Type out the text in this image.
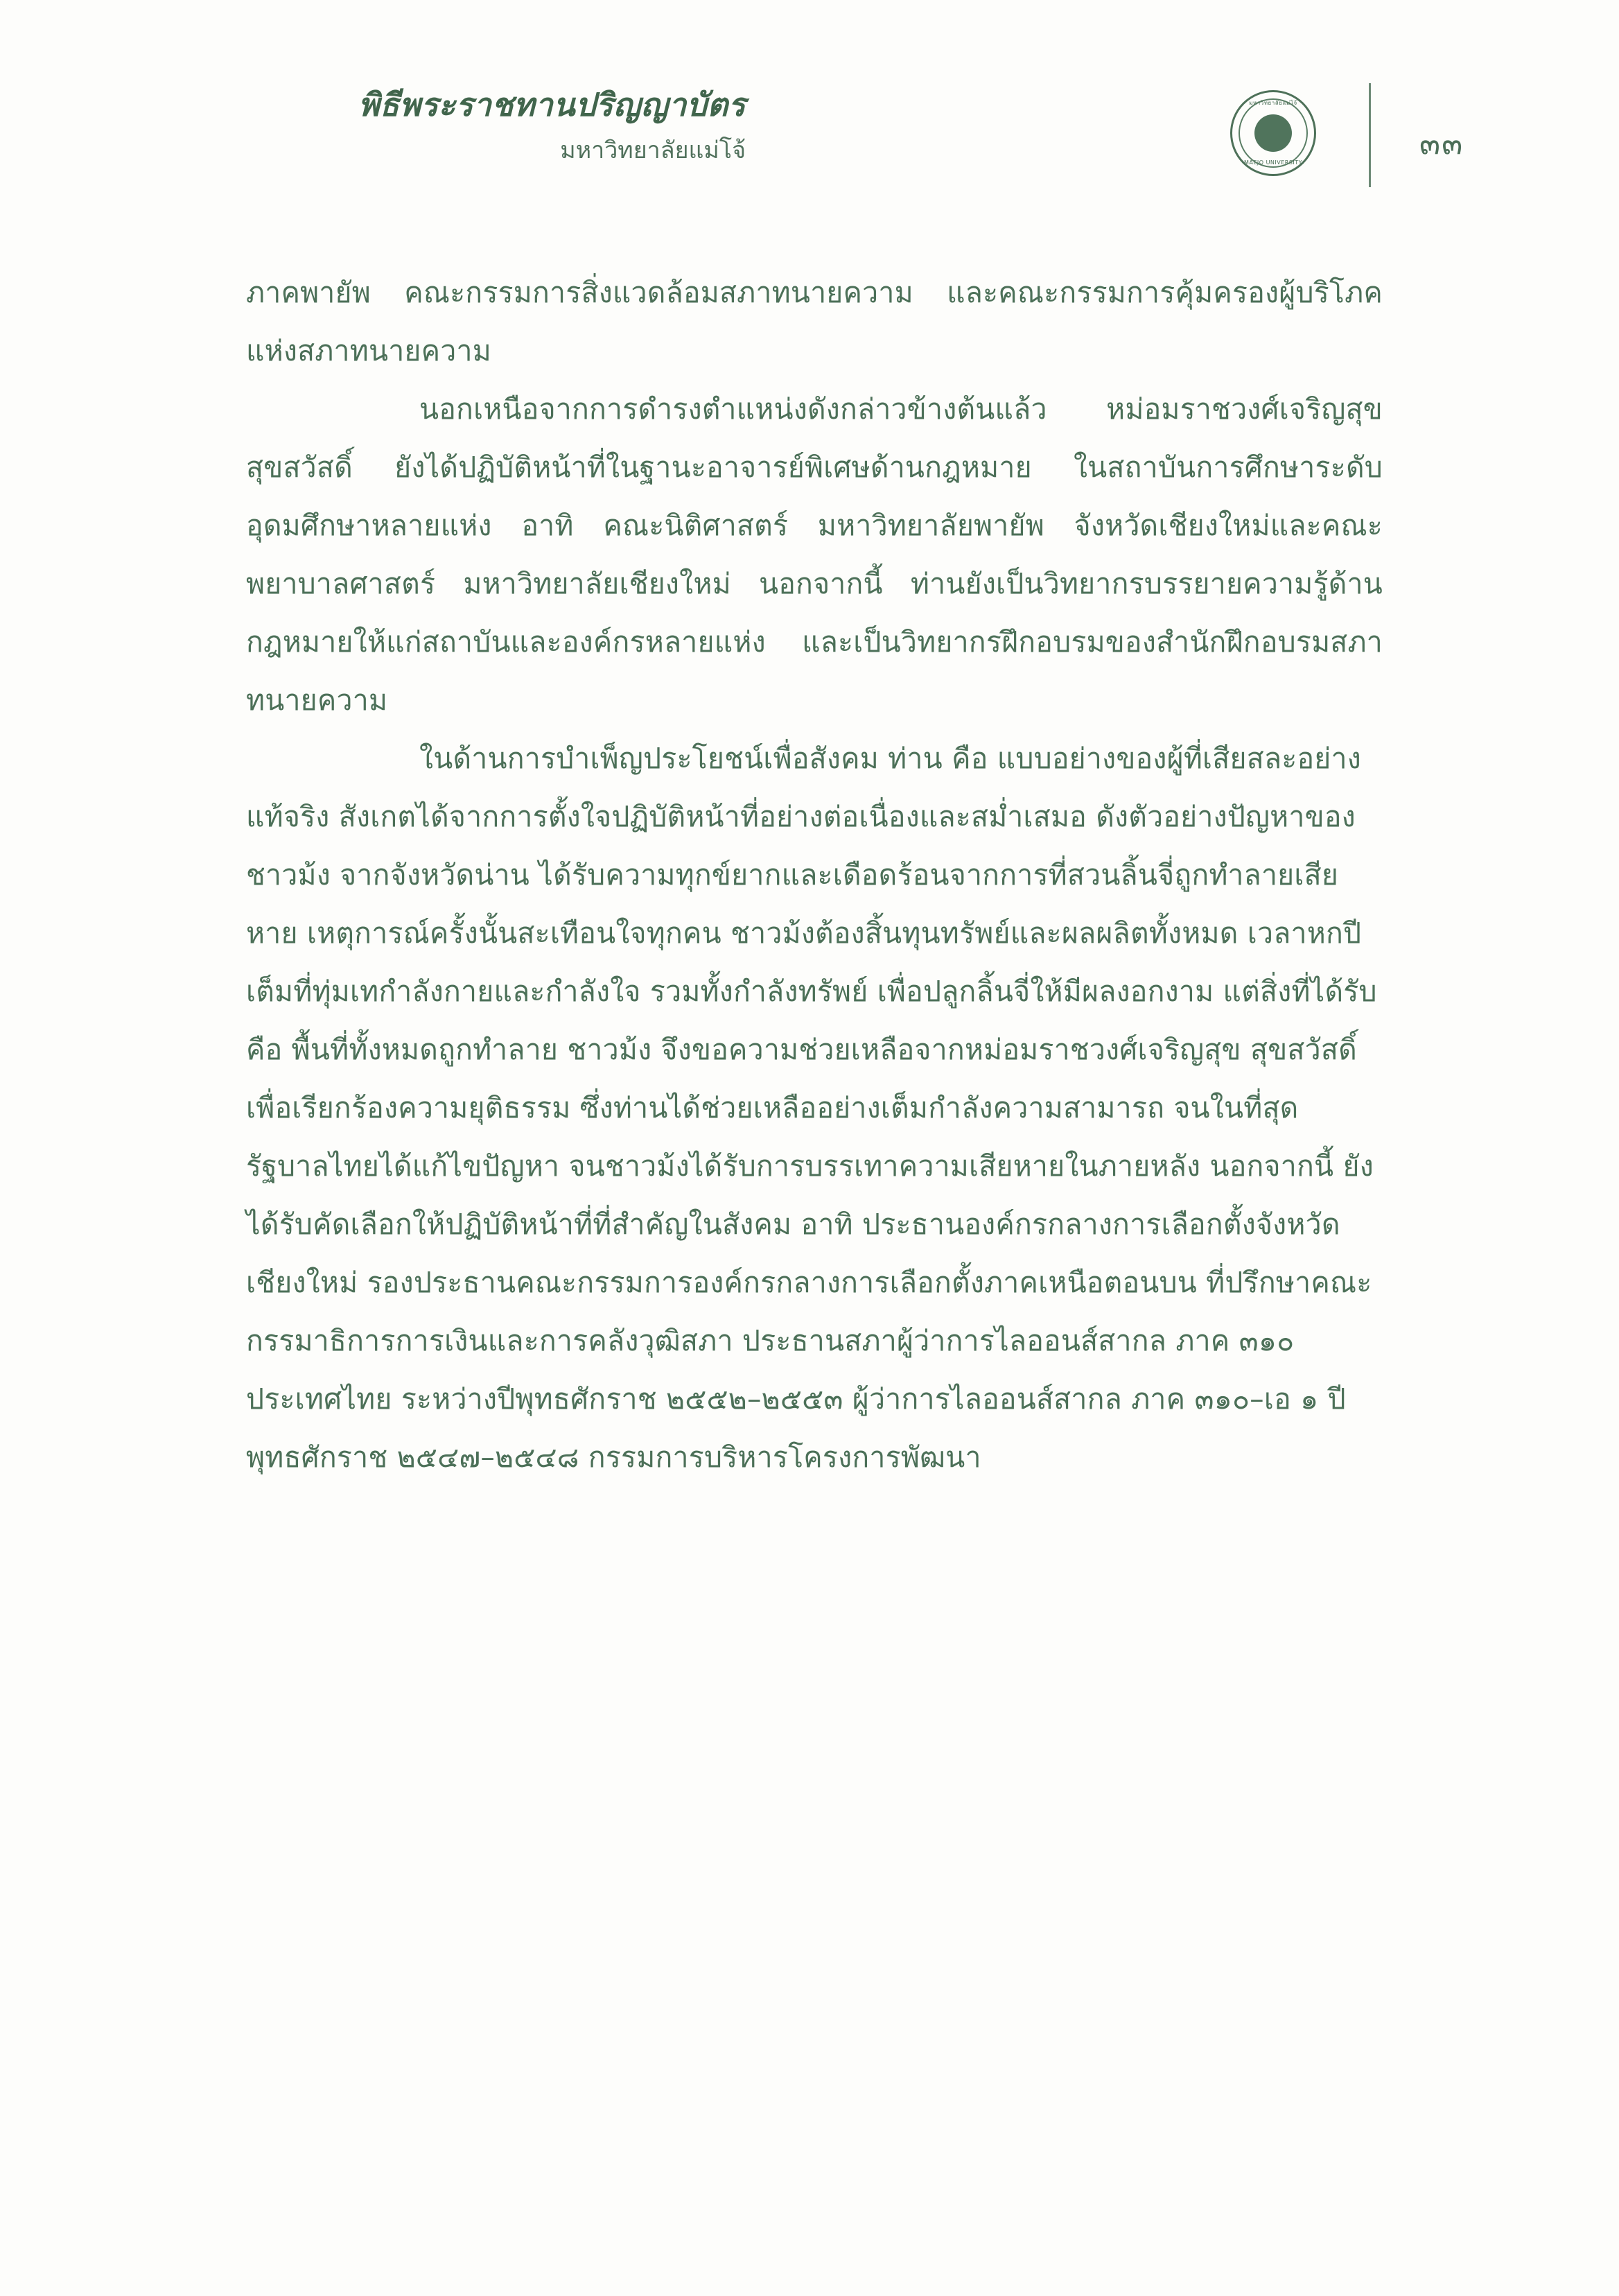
พิธีพระราชทานปริญญาบัตร
มหาวิทยาลัยแม่โจ้
มหาวิทยาลัยแม่โจ้
MAEJO UNIVERSITY
๓๓

ภาคพายัพ คณะกรรมการสิ่งแวดล้อมสภาทนายความ และคณะกรรมการคุ้มครองผู้บริโภคแห่งสภาทนายความ

นอกเหนือจากการดำรงตำแหน่งดังกล่าวข้างต้นแล้ว หม่อมราชวงศ์เจริญสุข สุขสวัสดิ์ ยังได้ปฏิบัติหน้าที่ในฐานะอาจารย์พิเศษด้านกฎหมาย ในสถาบันการศึกษาระดับอุดมศึกษาหลายแห่ง อาทิ คณะนิติศาสตร์ มหาวิทยาลัยพายัพ จังหวัดเชียงใหม่และคณะพยาบาลศาสตร์ มหาวิทยาลัยเชียงใหม่ นอกจากนี้ ท่านยังเป็นวิทยากรบรรยายความรู้ด้านกฎหมายให้แก่สถาบันและองค์กรหลายแห่ง และเป็นวิทยากรฝึกอบรมของสำนักฝึกอบรมสภาทนายความ

ในด้านการบำเพ็ญประโยชน์เพื่อสังคม ท่าน คือ แบบอย่างของผู้ที่เสียสละอย่างแท้จริง สังเกตได้จากการตั้งใจปฏิบัติหน้าที่อย่างต่อเนื่องและสม่ำเสมอ ดังตัวอย่างปัญหาของชาวม้ง จากจังหวัดน่าน ได้รับความทุกข์ยากและเดือดร้อนจากการที่สวนลิ้นจี่ถูกทำลายเสียหาย เหตุการณ์ครั้งนั้นสะเทือนใจทุกคน ชาวม้งต้องสิ้นทุนทรัพย์และผลผลิตทั้งหมด เวลาหกปีเต็มที่ทุ่มเทกำลังกายและกำลังใจ รวมทั้งกำลังทรัพย์ เพื่อปลูกลิ้นจี่ให้มีผลงอกงาม แต่สิ่งที่ได้รับ คือ พื้นที่ทั้งหมดถูกทำลาย ชาวม้ง จึงขอความช่วยเหลือจากหม่อมราชวงศ์เจริญสุข สุขสวัสดิ์ เพื่อเรียกร้องความยุติธรรม ซึ่งท่านได้ช่วยเหลืออย่างเต็มกำลังความสามารถ จนในที่สุด รัฐบาลไทยได้แก้ไขปัญหา จนชาวม้งได้รับการบรรเทาความเสียหายในภายหลัง นอกจากนี้ ยังได้รับคัดเลือกให้ปฏิบัติหน้าที่ที่สำคัญในสังคม อาทิ ประธานองค์กรกลางการเลือกตั้งจังหวัดเชียงใหม่ รองประธานคณะกรรมการองค์กรกลางการเลือกตั้งภาคเหนือตอนบน ที่ปรึกษาคณะกรรมาธิการการเงินและการคลังวุฒิสภา ประธานสภาผู้ว่าการไลออนส์สากล ภาค ๓๑๐ ประเทศไทย ระหว่างปีพุทธศักราช ๒๕๕๒–๒๕๕๓ ผู้ว่าการไลออนส์สากล ภาค ๓๑๐–เอ ๑ ปีพุทธศักราช ๒๕๔๗–๒๕๔๘ กรรมการบริหารโครงการพัฒนา
